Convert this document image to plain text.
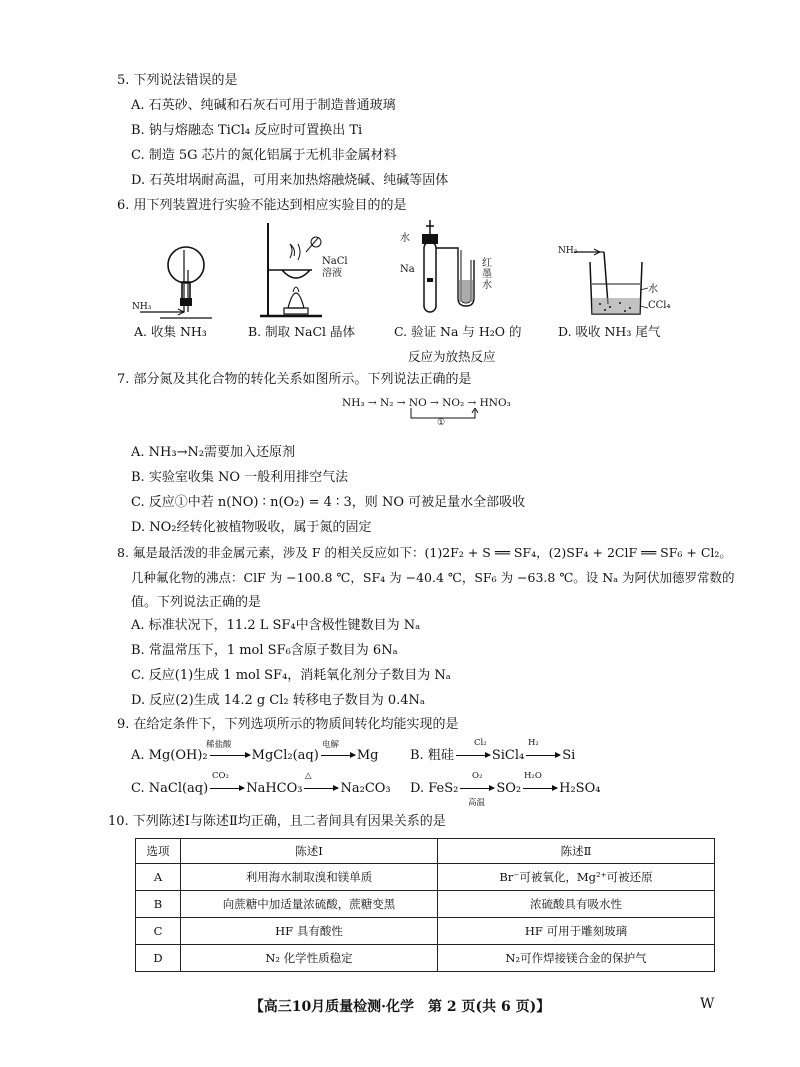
5. 下列说法错误的是
A. 石英砂、纯碱和石灰石可用于制造普通玻璃
B. 钠与熔融态 TiCl₄ 反应时可置换出 Ti
C. 制造 5G 芯片的氮化铝属于无机非金属材料
D. 石英坩埚耐高温，可用来加热熔融烧碱、纯碱等固体
6. 用下列装置进行实验不能达到相应实验目的的是
NH₃
NaCl
溶液
水
Na
红
墨
水
NH₃
水
CCl₄
A. 收集 NH₃	B. 制取 NaCl 晶体	C. 验证 Na 与 H₂O 的
反应为放热反应
D. 吸收 NH₃ 尾气
7. 部分氮及其化合物的转化关系如图所示。下列说法正确的是
NH₃ → N₂ → NO → NO₂ → HNO₃
①
A. NH₃→N₂需要加入还原剂
B. 实验室收集 NO 一般利用排空气法
C. 反应①中若 n(NO) ∶ n(O₂) = 4 ∶ 3，则 NO 可被足量水全部吸收
D. NO₂经转化被植物吸收，属于氮的固定
8. 氟是最活泼的非金属元素，涉及 F 的相关反应如下：(1)2F₂ + S ══ SF₄，(2)SF₄ + 2ClF ══ SF₆ + Cl₂。
几种氟化物的沸点：ClF 为 −100.8 ℃，SF₄ 为 −40.4 ℃，SF₆ 为 −63.8 ℃。设 Nₐ 为阿伏加德罗常数的
值。下列说法正确的是
A. 标准状况下，11.2 L SF₄中含极性键数目为 Nₐ
B. 常温常压下，1 mol SF₆含原子数目为 6Nₐ
C. 反应(1)生成 1 mol SF₄，消耗氧化剂分子数目为 Nₐ
D. 反应(2)生成 14.2 g Cl₂ 转移电子数目为 0.4Nₐ
9. 在给定条件下，下列选项所示的物质间转化均能实现的是
A. Mg(OH)₂	MgCl₂(aq)	Mg
稀盐酸	电解
B. 粗硅	SiCl₄	Si
Cl₂	H₂
C. NaCl(aq)	NaHCO₃	Na₂CO₃
CO₂	△
D. FeS₂	SO₂	H₂SO₄
O₂
高温
H₂O
10. 下列陈述Ⅰ与陈述Ⅱ均正确，且二者间具有因果关系的是
选项	陈述Ⅰ	陈述Ⅱ
A	利用海水制取溴和镁单质	Br⁻可被氧化，Mg²⁺可被还原
B	向蔗糖中加适量浓硫酸，蔗糖变黑	浓硫酸具有吸水性
C	HF 具有酸性	HF 可用于雕刻玻璃
D	N₂ 化学性质稳定	N₂可作焊接镁合金的保护气
【高三10月质量检测·化学　第 2 页(共 6 页)】	W
